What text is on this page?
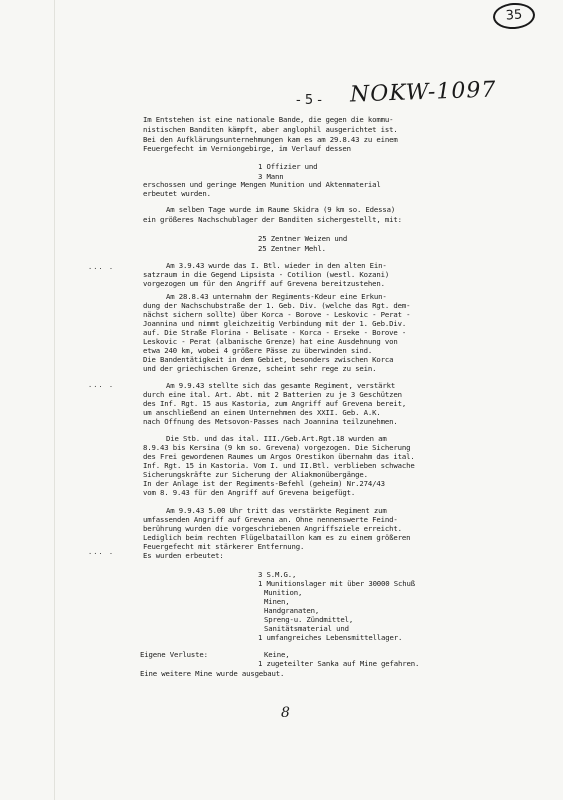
35
- 5 - NOKW-1097
... .
... .
... .
Im Entstehen ist eine nationale Bande, die gegen die kommu-
nistischen Banditen kämpft, aber anglophil ausgerichtet ist.
Bei den Aufklärungsunternehmungen kam es am 29.8.43 zu einem
Feuergefecht im Verniongebirge, im Verlauf dessen
1 Offizier und
3 Mann
erschossen und geringe Mengen Munition und Aktenmaterial
erbeutet wurden.
Am selben Tage wurde im Raume Skidra (9 km so. Edessa)
ein größeres Nachschublager der Banditen sichergestellt, mit:
25 Zentner Weizen und
25 Zentner Mehl.
Am 3.9.43 wurde das I. Btl. wieder in den alten Ein-
satzraum in die Gegend Lipsista - Cotilion (westl. Kozani)
vorgezogen um für den Angriff auf Grevena bereitzustehen.
Am 28.8.43 unternahm der Regiments-Kdeur eine Erkun-
dung der Nachschubstraße der 1. Geb. Div. (welche das Rgt. dem-
nächst sichern sollte) über Korca - Borove - Leskovic - Perat -
Joannina und nimmt gleichzeitig Verbindung mit der 1. Geb.Div.
auf. Die Straße Florina - Belisate - Korca - Erseke - Borove -
Leskovic - Perat (albanische Grenze) hat eine Ausdehnung von
etwa 240 km, wobei 4 größere Pässe zu überwinden sind.
Die Bandentätigkeit in dem Gebiet, besonders zwischen Korca
und der griechischen Grenze, scheint sehr rege zu sein.
Am 9.9.43 stellte sich das gesamte Regiment, verstärkt
durch eine ital. Art. Abt. mit 2 Batterien zu je 3 Geschützen
des Inf. Rgt. 15 aus Kastoria, zum Angriff auf Grevena bereit,
um anschließend an einem Unternehmen des XXII. Geb. A.K.
nach Öffnung des Metsovon-Passes nach Joannina teilzunehmen.
Die Stb. und das ital. III./Geb.Art.Rgt.18 wurden am
8.9.43 bis Kersina (9 km so. Grevena) vorgezogen. Die Sicherung
des Frei gewordenen Raumes um Argos Orestikon übernahm das ital.
Inf. Rgt. 15 in Kastoria. Vom I. und II.Btl. verblieben schwache
Sicherungskräfte zur Sicherung der Aliakmonübergänge.
In der Anlage ist der Regiments-Befehl (geheim) Nr.274/43
vom 8. 9.43 für den Angriff auf Grevena beigefügt.
Am 9.9.43 5.00 Uhr tritt das verstärkte Regiment zum
umfassenden Angriff auf Grevena an. Ohne nennenswerte Feind-
berührung wurden die vorgeschriebenen Angriffsziele erreicht.
Lediglich beim rechten Flügelbataillon kam es zu einem größeren
Feuergefecht mit stärkerer Entfernung.
Es wurden erbeutet:
3 S.M.G.,
1 Munitionslager mit über 30000 Schuß
Munition,
Minen,
Handgranaten,
Spreng-u. Zündmittel,
Sanitätsmaterial und
1 umfangreiches Lebensmittellager.
Eigene Verluste:	Keine,
1 zugeteilter Sanka auf Mine gefahren.
Eine weitere Mine wurde ausgebaut.
8
